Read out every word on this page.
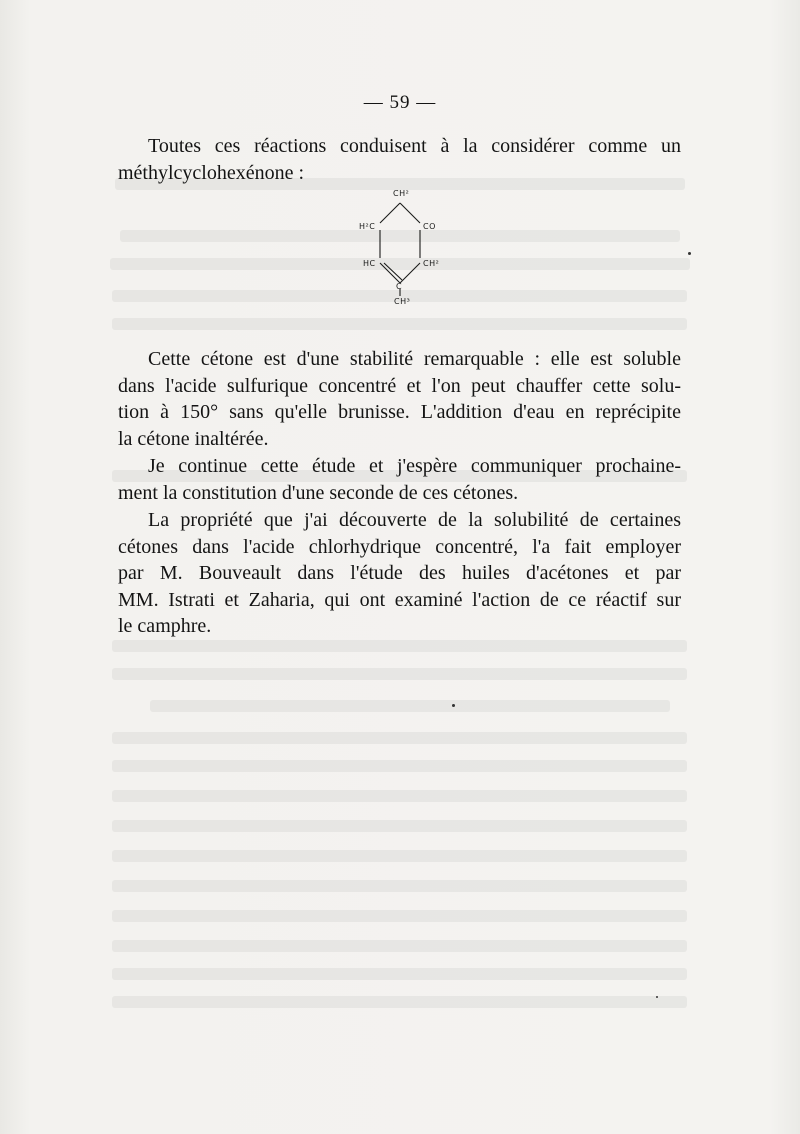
— 59 —
Toutes ces réactions conduisent à la considérer comme un
méthylcyclohexénone :
CH²
H²C	CO
HC	CH²
C
CH³
Cette cétone est d'une stabilité remarquable : elle est soluble
dans l'acide sulfurique concentré et l'on peut chauffer cette solu-
tion à 150° sans qu'elle brunisse. L'addition d'eau en reprécipite
la cétone inaltérée.
Je continue cette étude et j'espère communiquer prochaine-
ment la constitution d'une seconde de ces cétones.
La propriété que j'ai découverte de la solubilité de certaines
cétones dans l'acide chlorhydrique concentré, l'a fait employer
par M. Bouveault dans l'étude des huiles d'acétones et par
MM. Istrati et Zaharia, qui ont examiné l'action de ce réactif sur
le camphre.
